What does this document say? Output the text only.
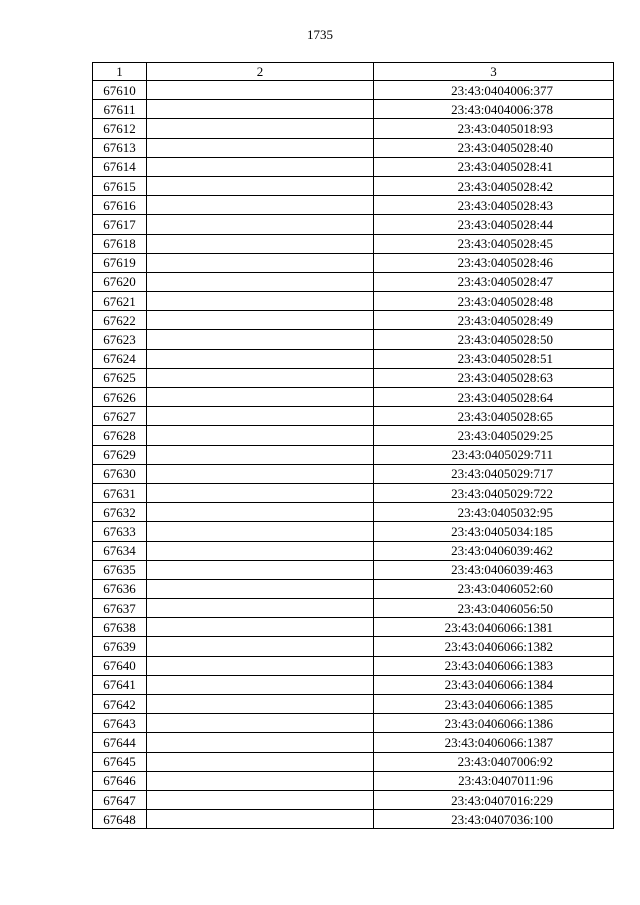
1735
1	2	3
67610		23:43:0404006:377
67611		23:43:0404006:378
67612		23:43:0405018:93
67613		23:43:0405028:40
67614		23:43:0405028:41
67615		23:43:0405028:42
67616		23:43:0405028:43
67617		23:43:0405028:44
67618		23:43:0405028:45
67619		23:43:0405028:46
67620		23:43:0405028:47
67621		23:43:0405028:48
67622		23:43:0405028:49
67623		23:43:0405028:50
67624		23:43:0405028:51
67625		23:43:0405028:63
67626		23:43:0405028:64
67627		23:43:0405028:65
67628		23:43:0405029:25
67629		23:43:0405029:711
67630		23:43:0405029:717
67631		23:43:0405029:722
67632		23:43:0405032:95
67633		23:43:0405034:185
67634		23:43:0406039:462
67635		23:43:0406039:463
67636		23:43:0406052:60
67637		23:43:0406056:50
67638		23:43:0406066:1381
67639		23:43:0406066:1382
67640		23:43:0406066:1383
67641		23:43:0406066:1384
67642		23:43:0406066:1385
67643		23:43:0406066:1386
67644		23:43:0406066:1387
67645		23:43:0407006:92
67646		23:43:0407011:96
67647		23:43:0407016:229
67648		23:43:0407036:100
